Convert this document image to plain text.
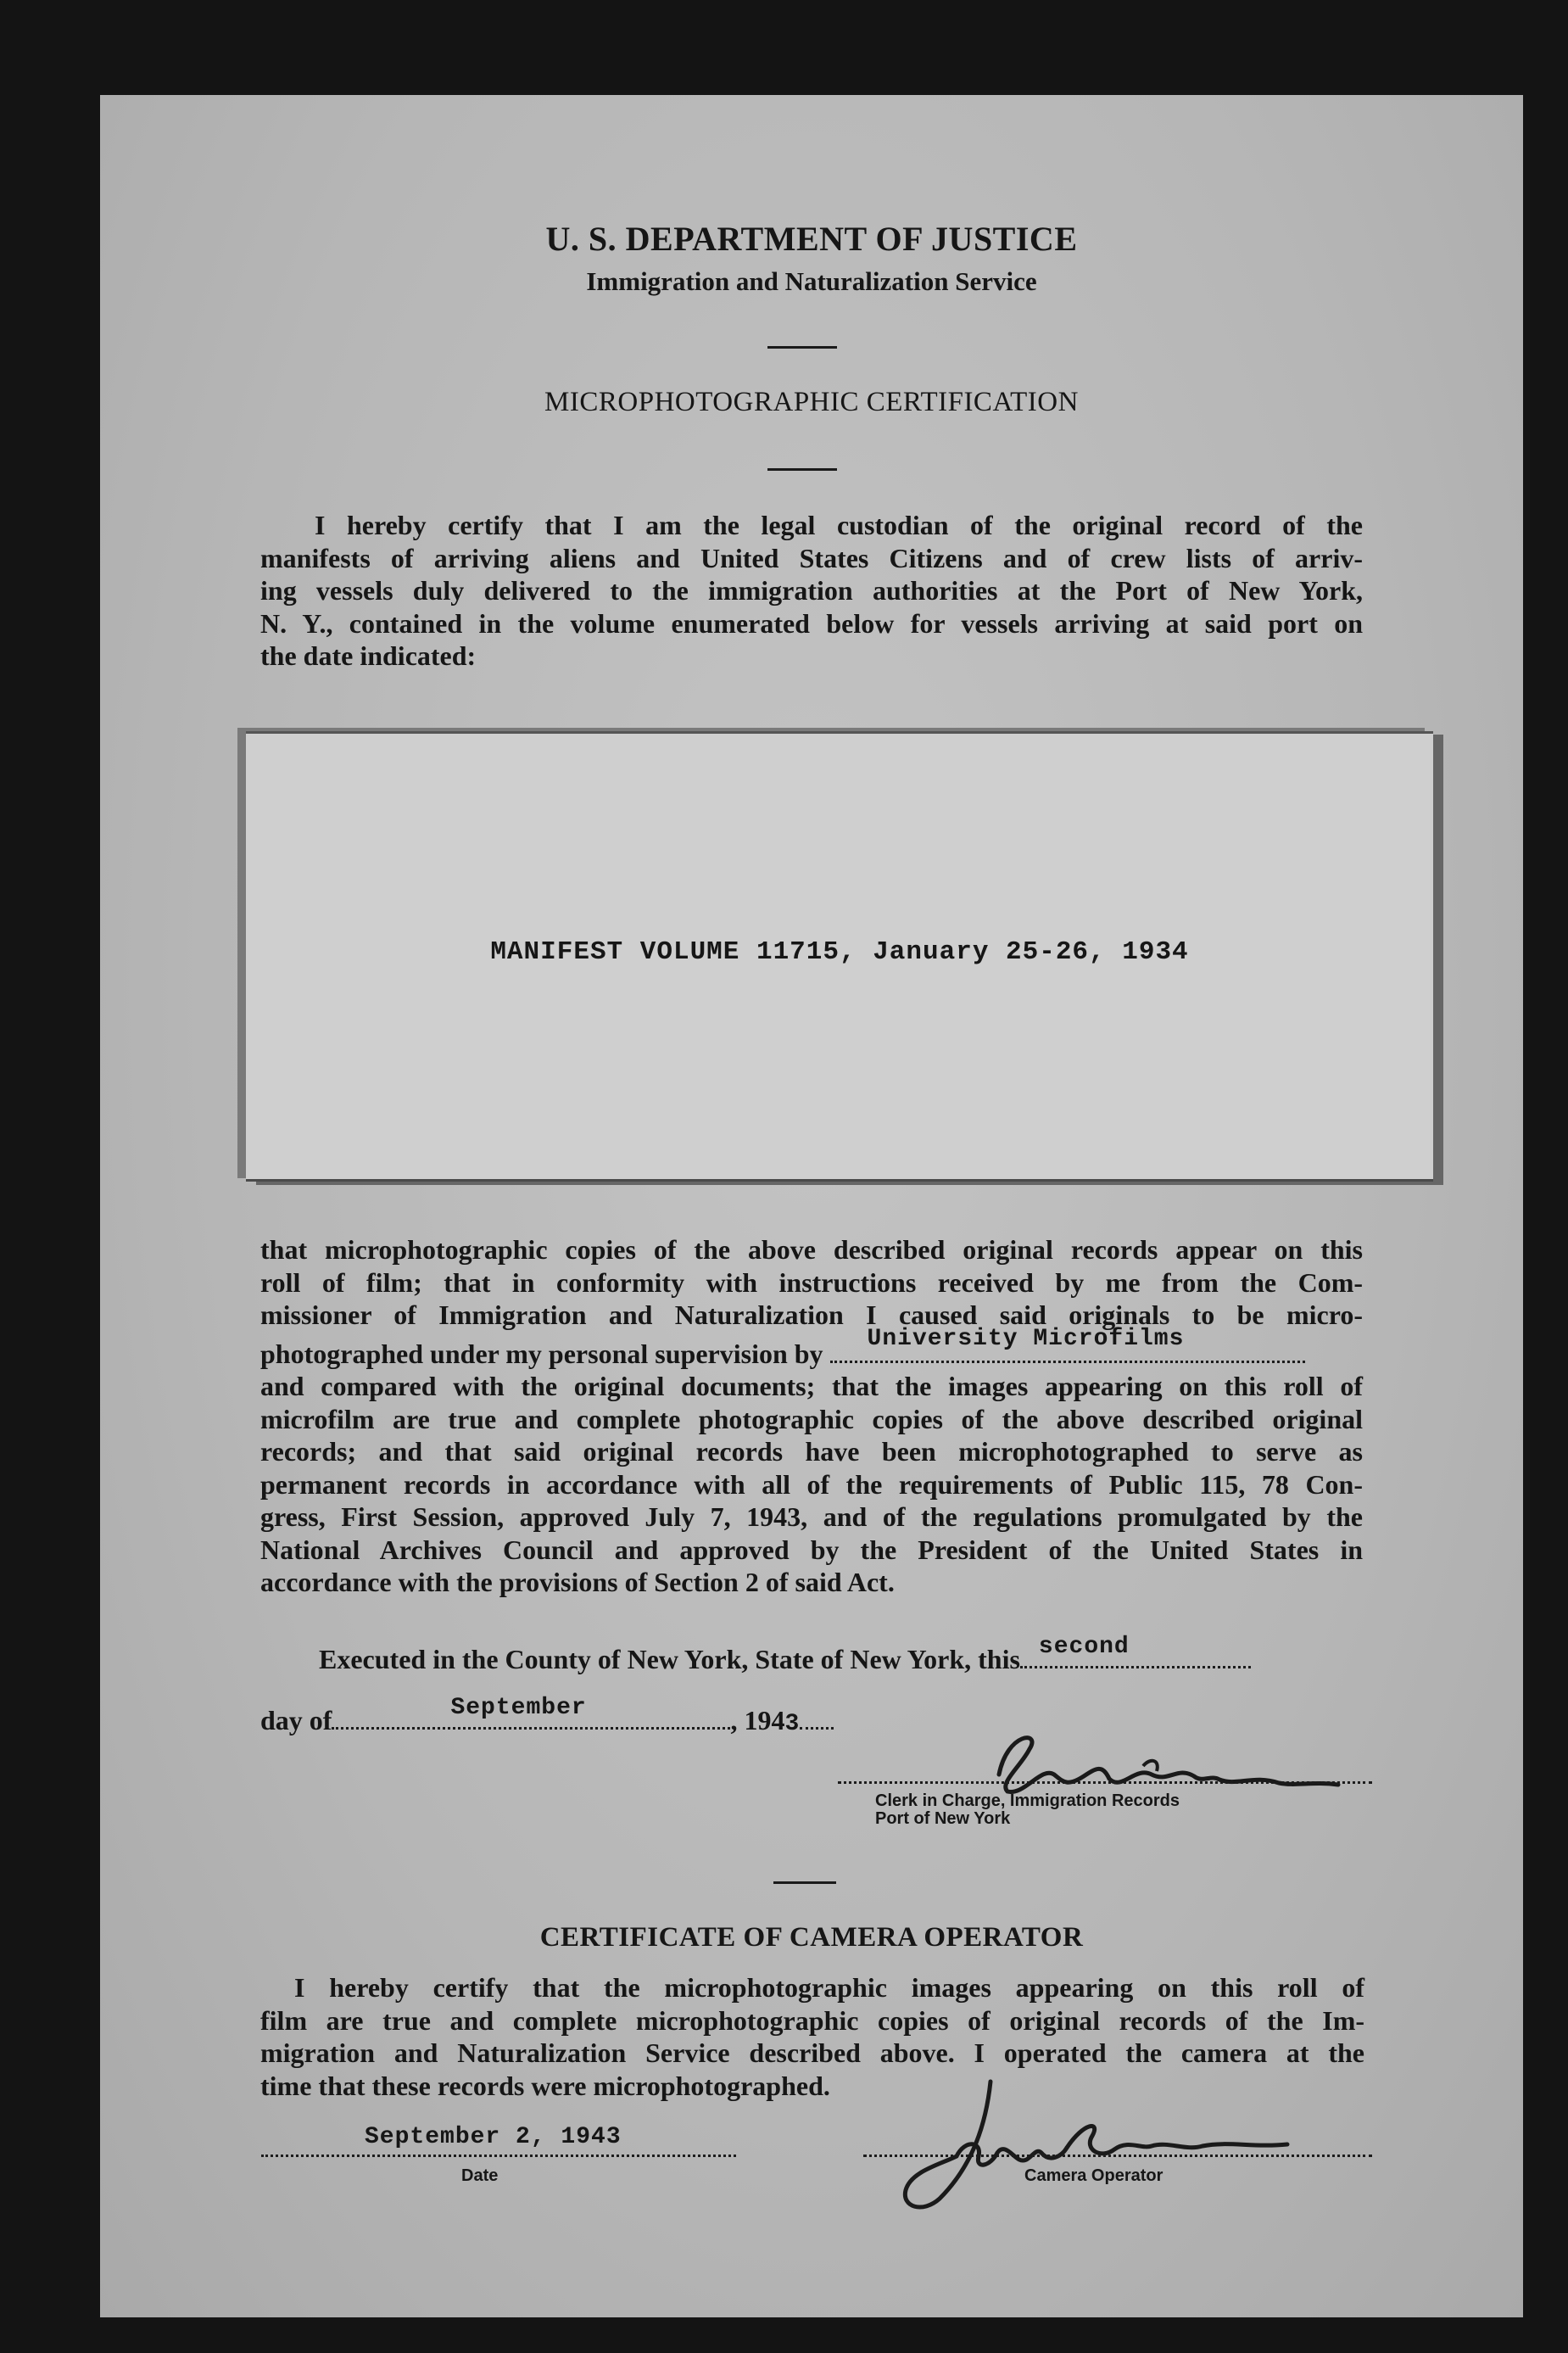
U. S. DEPARTMENT OF JUSTICE
Immigration and Naturalization Service
MICROPHOTOGRAPHIC CERTIFICATION
I hereby certify that I am the legal custodian of the original record of the
manifests of arriving aliens and United States Citizens and of crew lists of arriv-
ing vessels duly delivered to the immigration authorities at the Port of New York,
N. Y., contained in the volume enumerated below for vessels arriving at said port on
the date indicated:
MANIFEST VOLUME 11715, January 25-26, 1934
that microphotographic copies of the above described original records appear on this
roll of film; that in conformity with instructions received by me from the Com-
missioner of Immigration and Naturalization I caused said originals to be micro-
photographed under my personal supervision by University Microfilms
and compared with the original documents; that the images appearing on this roll of
microfilm are true and complete photographic copies of the above described original
records; and that said original records have been microphotographed to serve as
permanent records in accordance with all of the requirements of Public 115, 78 Con-
gress, First Session, approved July 7, 1943, and of the regulations promulgated by the
National Archives Council and approved by the President of the United States in
accordance with the provisions of Section 2 of said Act.
Executed in the County of New York, State of New York, this second
day of	September	, 1943
Clerk in Charge, Immigration Records
Port of New York
CERTIFICATE OF CAMERA OPERATOR
I hereby certify that the microphotographic images appearing on this roll of
film are true and complete microphotographic copies of original records of the Im-
migration and Naturalization Service described above. I operated the camera at the
time that these records were microphotographed.
September 2, 1943
Date	Camera Operator
